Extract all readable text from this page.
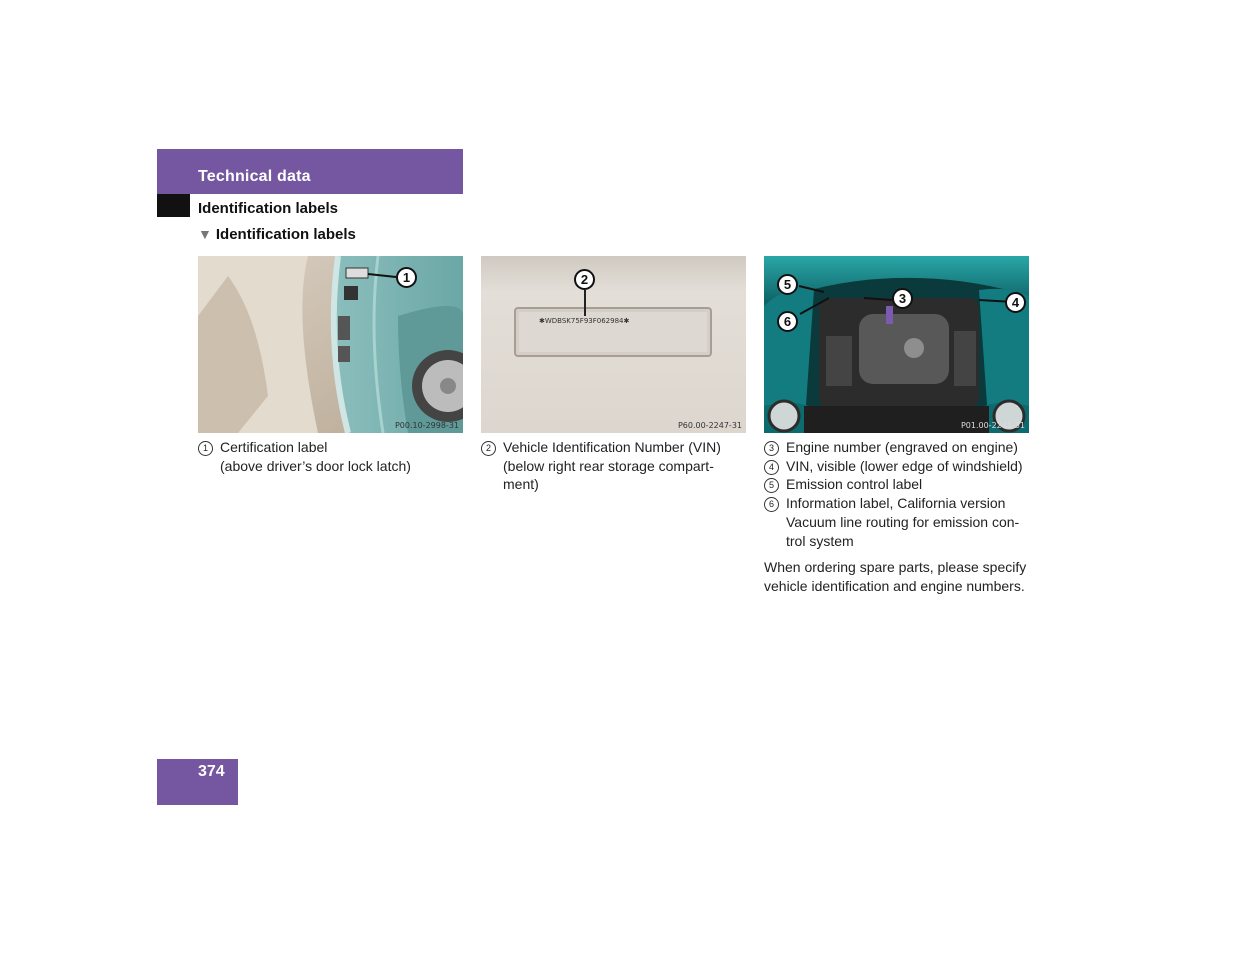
Technical data
Identification labels
▼ Identification labels
1
P00.10-2998-31
✱WDBSK75F93F062984✱
2
P60.00-2247-31
5
6
3	4
P01.00-2241-31
1 Certification label
(above driver’s door lock latch)
2 Vehicle Identification Number (VIN)
(below right rear storage compart-
ment)
3 Engine number (engraved on engine)
4 VIN, visible (lower edge of windshield)
5 Emission control label
6 Information label, California version
Vacuum line routing for emission con-
trol system
When ordering spare parts, please specify
vehicle identification and engine numbers.
374
